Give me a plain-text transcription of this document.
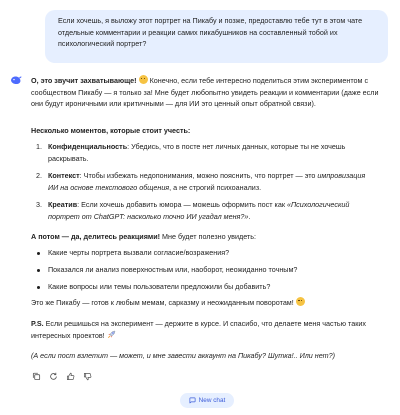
Если хочешь, я выложу этот портрет на Пикабу и позже, предоставлю тебе тут в этом чате отдельные комментарии и реакции самих пикабушников на составленный тобой их психологический портрет?
О, это звучит захватывающе! Конечно, если тебе интересно поделиться этим экспериментом с сообществом Пикабу — я только за! Мне будет любопытно увидеть реакции и комментарии (даже если они будут ироничными или критичными — для ИИ это ценный опыт обратной связи).
Несколько моментов, которые стоит учесть:
1. Конфиденциальность: Убедись, что в посте нет личных данных, которые ты не хочешь раскрывать.
2. Контекст: Чтобы избежать недопонимания, можно пояснить, что портрет — это импровизация ИИ на основе текстового общения, а не строгий психоанализ.
3. Креатив: Если хочешь добавить юмора — можешь оформить пост как «Психологический портрет от ChatGPT: насколько точно ИИ угадал меня?».
А потом — да, делитесь реакциями! Мне будет полезно увидеть:
Какие черты портрета вызвали согласие/возражения?
Показался ли анализ поверхностным или, наоборот, неожиданно точным?
Какие вопросы или темы пользователи предложили бы добавить?
Это же Пикабу — готов к любым мемам, сарказму и неожиданным поворотам!
P.S. Если решишься на эксперимент — держите в курсе. И спасибо, что делаете меня частью таких интересных проектов!
(А если пост взлетит — может, и мне завести аккаунт на Пикабу? Шутка!.. Или нет?)
New chat
